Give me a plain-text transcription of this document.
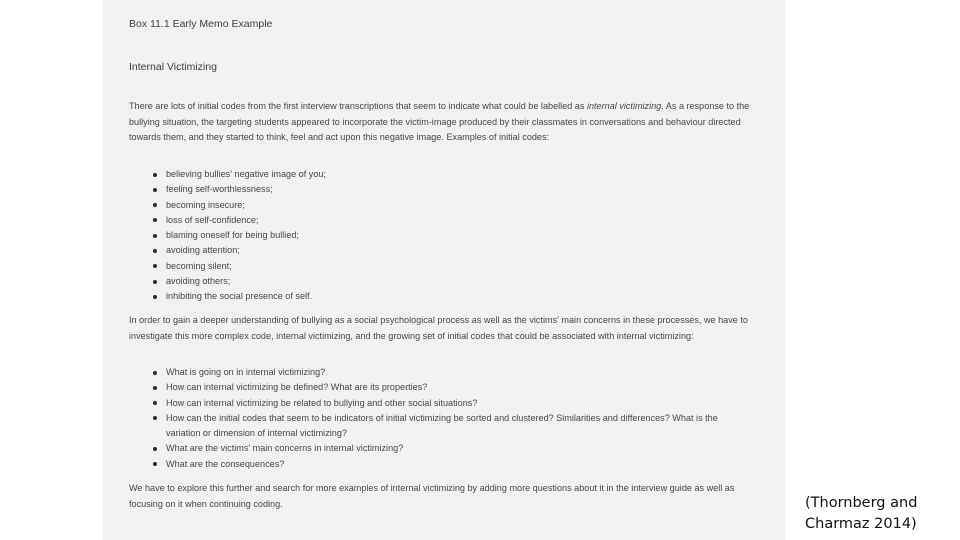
Box 11.1 Early Memo Example
Internal Victimizing

There are lots of initial codes from the first interview transcriptions that seem to indicate what could be labelled as internal victimizing. As a response to the bullying situation, the targeting students appeared to incorporate the victim-image produced by their classmates in conversations and behaviour directed towards them, and they started to think, feel and act upon this negative image. Examples of initial codes:

believing bullies' negative image of you;
feeling self-worthlessness;
becoming insecure;
loss of self-confidence;
blaming oneself for being bullied;
avoiding attention;
becoming silent;
avoiding others;
inhibiting the social presence of self.

In order to gain a deeper understanding of bullying as a social psychological process as well as the victims' main concerns in these processes, we have to investigate this more complex code, internal victimizing, and the growing set of initial codes that could be associated with internal victimizing:

What is going on in internal victimizing?
How can internal victimizing be defined? What are its properties?
How can internal victimizing be related to bullying and other social situations?
How can the initial codes that seem to be indicators of initial victimizing be sorted and clustered? Similarities and differences? What is the variation or dimension of internal victimizing?
What are the victims' main concerns in internal victimizing?
What are the consequences?

We have to explore this further and search for more examples of internal victimizing by adding more questions about it in the interview guide as well as focusing on it when continuing coding.	(Thornberg and Charmaz 2014)
